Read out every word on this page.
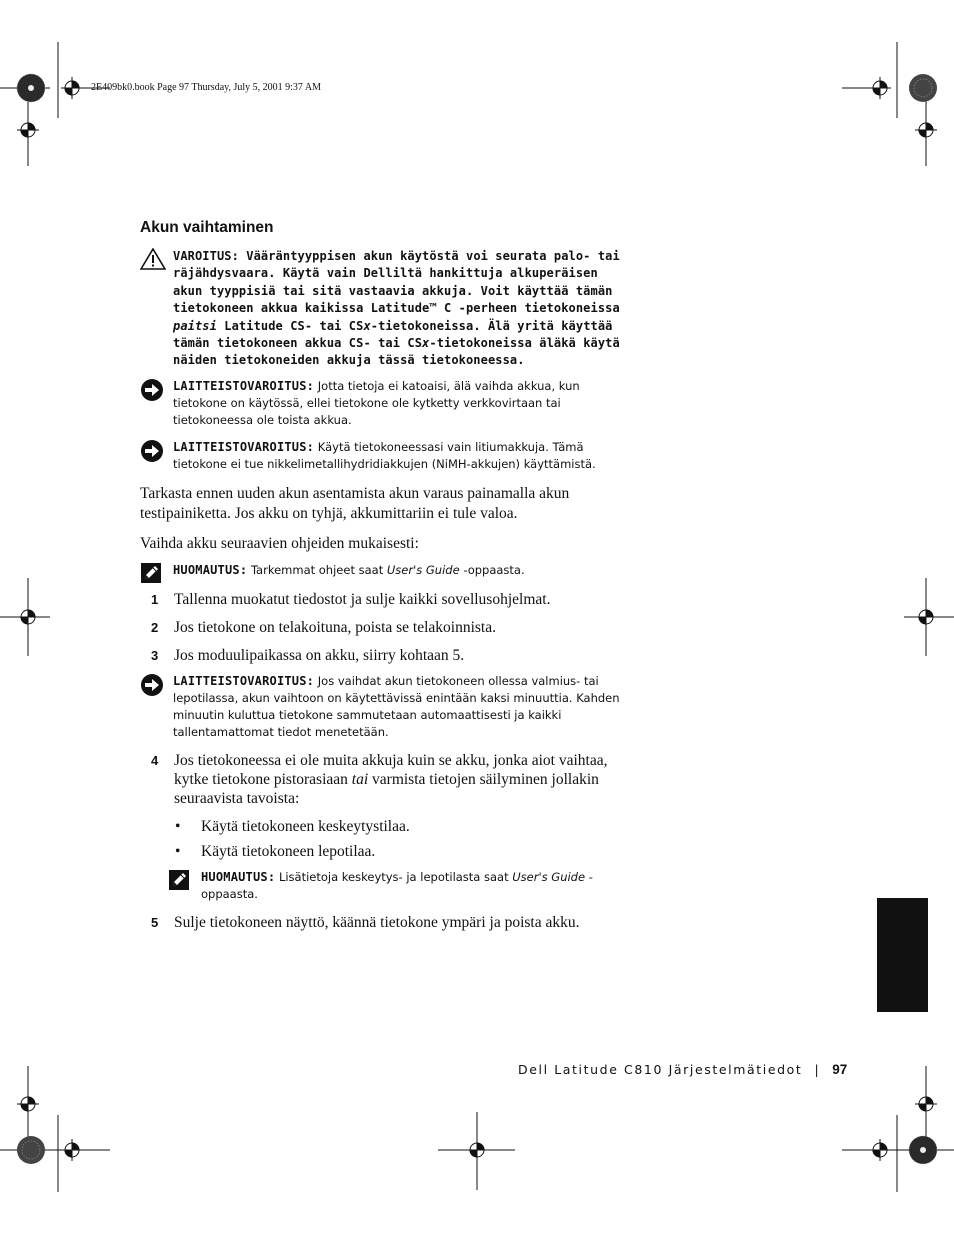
2E409bk0.book Page 97 Thursday, July 5, 2001 9:37 AM
Akun vaihtaminen
VAROITUS: Vääräntyyppisen akun käytöstä voi seurata palo- tai räjähdysvaara. Käytä vain Delliltä hankittuja alkuperäisen akun tyyppisiä tai sitä vastaavia akkuja. Voit käyttää tämän tietokoneen akkua kaikissa Latitude™ C -perheen tietokoneissa paitsi Latitude CS- tai CSx-tietokoneissa. Älä yritä käyttää tämän tietokoneen akkua CS- tai CSx-tietokoneissa äläkä käytä näiden tietokoneiden akkuja tässä tietokoneessa.
LAITTEISTOVAROITUS: Jotta tietoja ei katoaisi, älä vaihda akkua, kun tietokone on käytössä, ellei tietokone ole kytketty verkkovirtaan tai tietokoneessa ole toista akkua.
LAITTEISTOVAROITUS: Käytä tietokoneessasi vain litiumakkuja. Tämä tietokone ei tue nikkelimetallihydridiakkujen (NiMH-akkujen) käyttämistä.
Tarkasta ennen uuden akun asentamista akun varaus painamalla akun testipainiketta. Jos akku on tyhjä, akkumittariin ei tule valoa.
Vaihda akku seuraavien ohjeiden mukaisesti:
HUOMAUTUS: Tarkemmat ohjeet saat User's Guide -oppaasta.
1 Tallenna muokatut tiedostot ja sulje kaikki sovellusohjelmat.
2 Jos tietokone on telakoituna, poista se telakoinnista.
3 Jos moduulipaikassa on akku, siirry kohtaan 5.
LAITTEISTOVAROITUS: Jos vaihdat akun tietokoneen ollessa valmius- tai lepotilassa, akun vaihtoon on käytettävissä enintään kaksi minuuttia. Kahden minuutin kuluttua tietokone sammutetaan automaattisesti ja kaikki tallentamattomat tiedot menetetään.
4 Jos tietokoneessa ei ole muita akkuja kuin se akku, jonka aiot vaihtaa, kytke tietokone pistorasiaan tai varmista tietojen säilyminen jollakin seuraavista tavoista:
• Käytä tietokoneen keskeytystilaa.
• Käytä tietokoneen lepotilaa.
HUOMAUTUS: Lisätietoja keskeytys- ja lepotilasta saat User's Guide -oppaasta.
5 Sulje tietokoneen näyttö, käännä tietokone ympäri ja poista akku.
Dell Latitude C810 Järjestelmätiedot | 97
